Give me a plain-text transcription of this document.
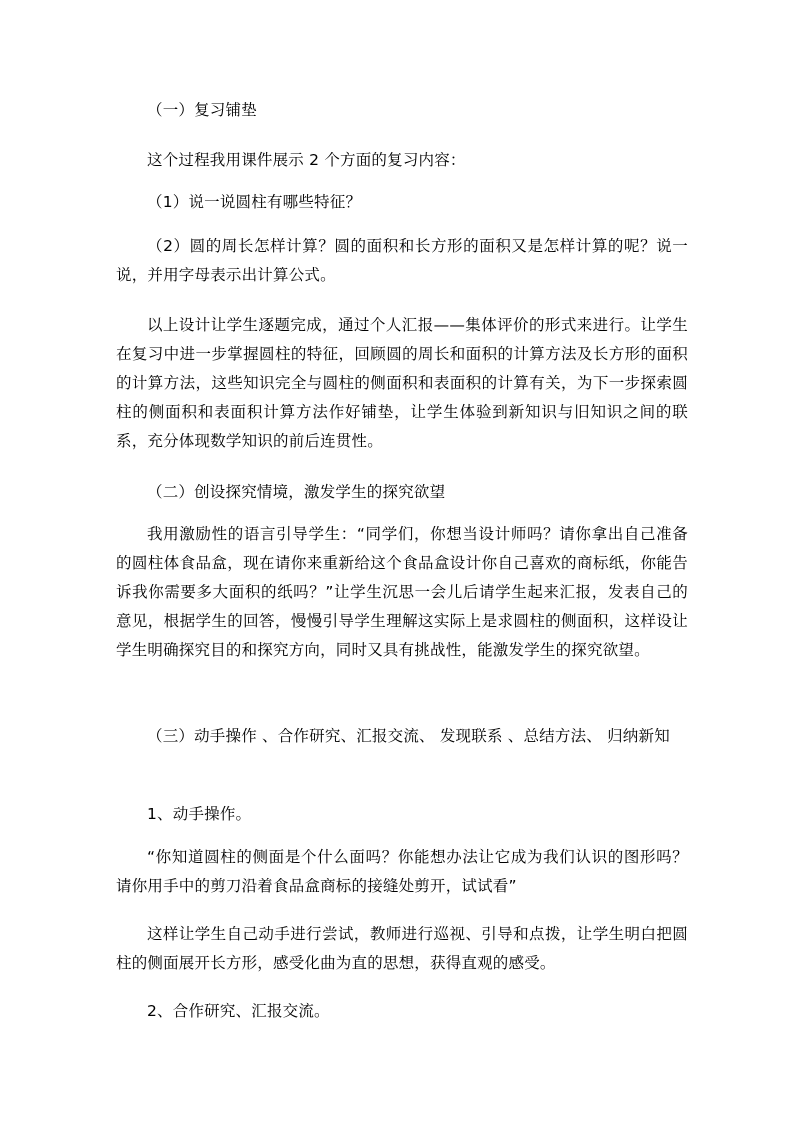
（一）复习铺垫

这个过程我用课件展示 2 个方面的复习内容：

（1）说一说圆柱有哪些特征？

（2）圆的周长怎样计算？圆的面积和长方形的面积又是怎样计算的呢？说一说，并用字母表示出计算公式。

以上设计让学生逐题完成，通过个人汇报——集体评价的形式来进行。让学生在复习中进一步掌握圆柱的特征，回顾圆的周长和面积的计算方法及长方形的面积的计算方法，这些知识完全与圆柱的侧面积和表面积的计算有关，为下一步探索圆柱的侧面积和表面积计算方法作好铺垫，让学生体验到新知识与旧知识之间的联系，充分体现数学知识的前后连贯性。

（二）创设探究情境，激发学生的探究欲望

我用激励性的语言引导学生：“同学们，你想当设计师吗？请你拿出自己准备的圆柱体食品盒，现在请你来重新给这个食品盒设计你自己喜欢的商标纸，你能告诉我你需要多大面积的纸吗？”让学生沉思一会儿后请学生起来汇报，发表自己的意见，根据学生的回答，慢慢引导学生理解这实际上是求圆柱的侧面积，这样设让学生明确探究目的和探究方向，同时又具有挑战性，能激发学生的探究欲望。

（三）动手操作 、合作研究、汇报交流、 发现联系 、总结方法、 归纳新知

1、动手操作。

“你知道圆柱的侧面是个什么面吗？你能想办法让它成为我们认识的图形吗？请你用手中的剪刀沿着食品盒商标的接缝处剪开，试试看”

这样让学生自己动手进行尝试，教师进行巡视、引导和点拨，让学生明白把圆柱的侧面展开长方形，感受化曲为直的思想，获得直观的感受。

2、合作研究、汇报交流。
